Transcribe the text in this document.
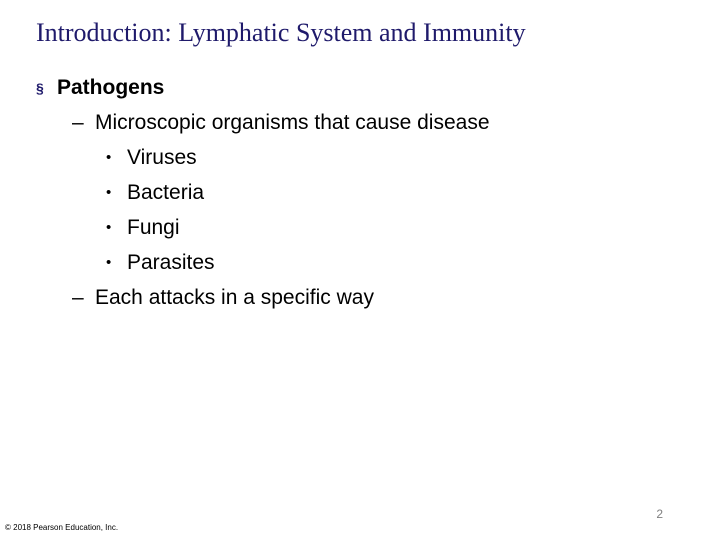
Introduction: Lymphatic System and Immunity
§ Pathogens
– Microscopic organisms that cause disease
• Viruses
• Bacteria
• Fungi
• Parasites
– Each attacks in a specific way
© 2018 Pearson Education, Inc.
2
